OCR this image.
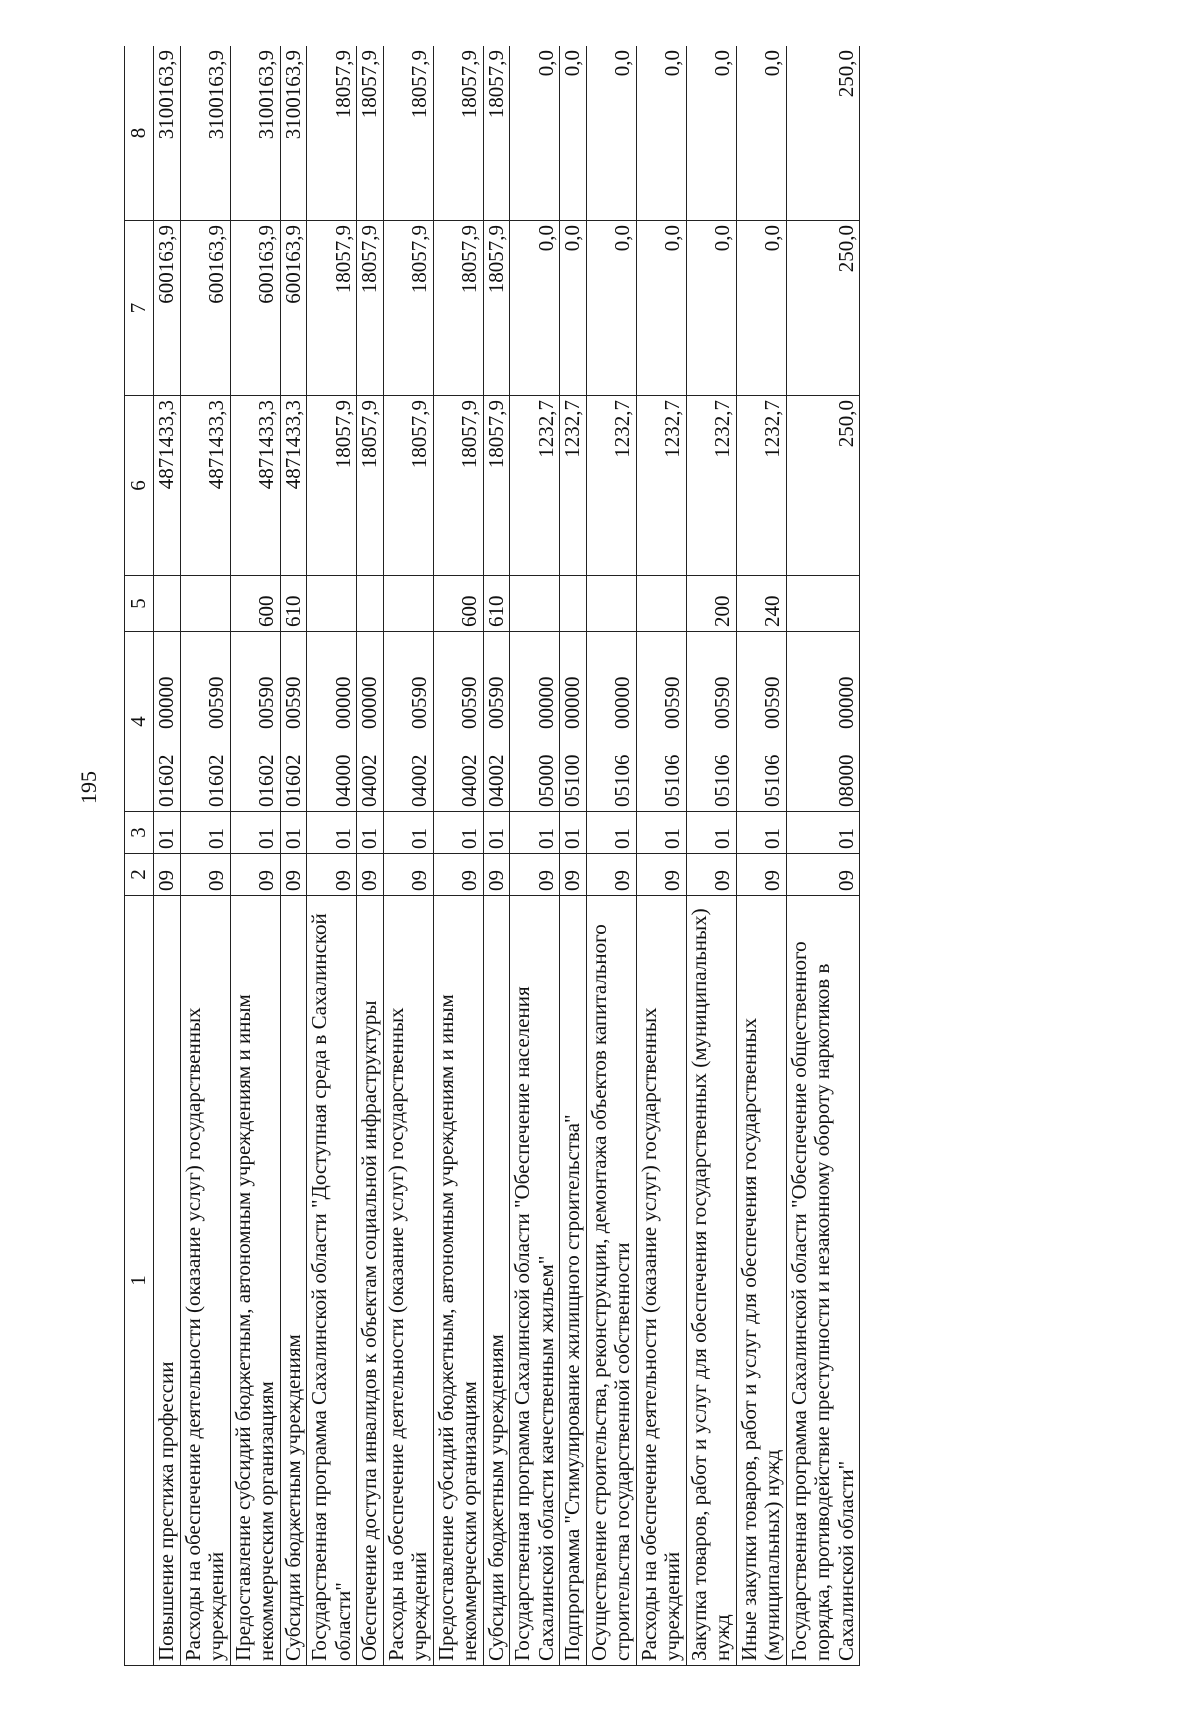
195
1	2	3	4	5	6	7	8
Повышение престижа профессии	09	01	0160200000		4871433,3	600163,9	3100163,9
Расходы на обеспечение деятельности (оказание услуг) государственных учреждений	09	01	0160200590		4871433,3	600163,9	3100163,9
Предоставление субсидий бюджетным, автономным учреждениям и иным некоммерческим организациям	09	01	0160200590	600	4871433,3	600163,9	3100163,9
Субсидии бюджетным учреждениям	09	01	0160200590	610	4871433,3	600163,9	3100163,9
Государственная программа Сахалинской области "Доступная среда в Сахалинской области"	09	01	0400000000		18057,9	18057,9	18057,9
Обеспечение доступа инвалидов к объектам социальной инфраструктуры	09	01	0400200000		18057,9	18057,9	18057,9
Расходы на обеспечение деятельности (оказание услуг) государственных учреждений	09	01	0400200590		18057,9	18057,9	18057,9
Предоставление субсидий бюджетным, автономным учреждениям и иным некоммерческим организациям	09	01	0400200590	600	18057,9	18057,9	18057,9
Субсидии бюджетным учреждениям	09	01	0400200590	610	18057,9	18057,9	18057,9
Государственная программа Сахалинской области "Обеспечение населения Сахалинской области качественным жильем"	09	01	0500000000		1232,7	0,0	0,0
Подпрограмма "Стимулирование жилищного строительства"	09	01	0510000000		1232,7	0,0	0,0
Осуществление строительства, реконструкции, демонтажа объектов капитального строительства государственной собственности	09	01	0510600000		1232,7	0,0	0,0
Расходы на обеспечение деятельности (оказание услуг) государственных учреждений	09	01	0510600590		1232,7	0,0	0,0
Закупка товаров, работ и услуг для обеспечения государственных (муниципальных) нужд	09	01	0510600590	200	1232,7	0,0	0,0
Иные закупки товаров, работ и услуг для обеспечения государственных (муниципальных) нужд	09	01	0510600590	240	1232,7	0,0	0,0
Государственная программа Сахалинской области "Обеспечение общественного порядка, противодействие преступности и незаконному обороту наркотиков в Сахалинской области"	09	01	0800000000		250,0	250,0	250,0
